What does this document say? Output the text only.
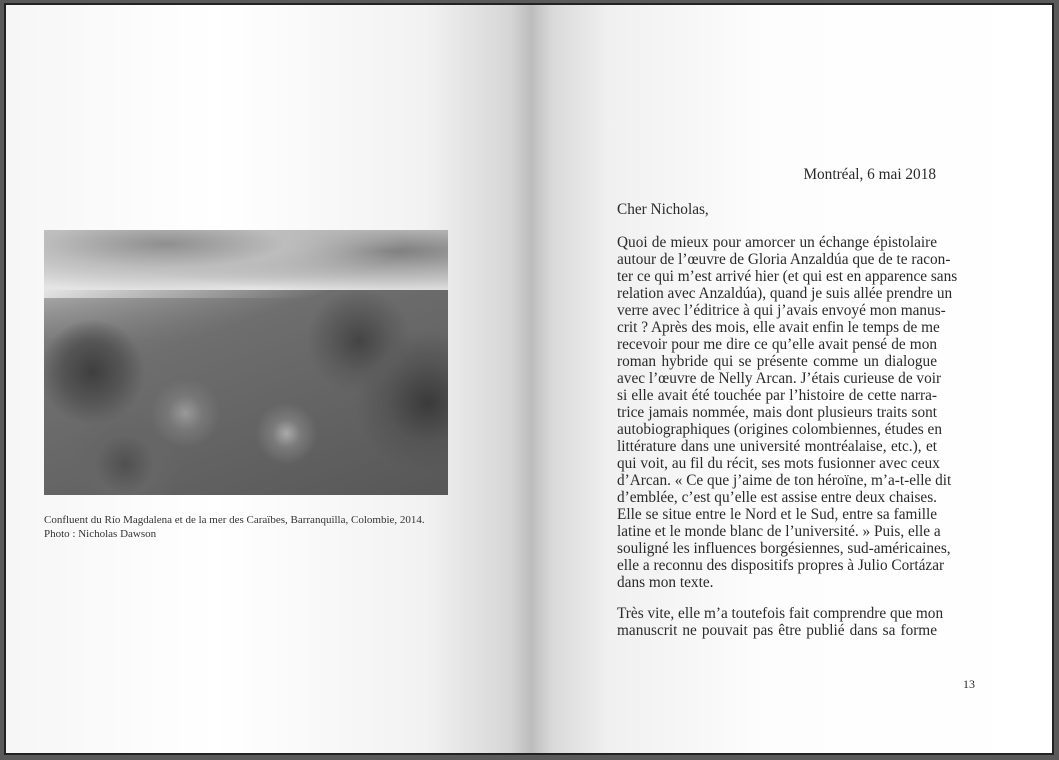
Confluent du Río Magdalena et de la mer des Caraïbes, Barranquilla, Colombie, 2014.
Photo : Nicholas Dawson
Montréal, 6 mai 2018
Cher Nicholas,
Quoi de mieux pour amorcer un échange épistolaire
autour de l’œuvre de Gloria Anzaldúa que de te racon-
ter ce qui m’est arrivé hier (et qui est en apparence sans
relation avec Anzaldúa), quand je suis allée prendre un
verre avec l’éditrice à qui j’avais envoyé mon manus-
crit ? Après des mois, elle avait enfin le temps de me
recevoir pour me dire ce qu’elle avait pensé de mon
roman hybride qui se présente comme un dialogue
avec l’œuvre de Nelly Arcan. J’étais curieuse de voir
si elle avait été touchée par l’histoire de cette narra-
trice jamais nommée, mais dont plusieurs traits sont
autobiographiques (origines colombiennes, études en
littérature dans une université montréalaise, etc.), et
qui voit, au fil du récit, ses mots fusionner avec ceux
d’Arcan. « Ce que j’aime de ton héroïne, m’a-t-elle dit
d’emblée, c’est qu’elle est assise entre deux chaises.
Elle se situe entre le Nord et le Sud, entre sa famille
latine et le monde blanc de l’université. » Puis, elle a
souligné les influences borgésiennes, sud-américaines,
elle a reconnu des dispositifs propres à Julio Cortázar
dans mon texte.
Très vite, elle m’a toutefois fait comprendre que mon
manuscrit ne pouvait pas être publié dans sa forme
13
